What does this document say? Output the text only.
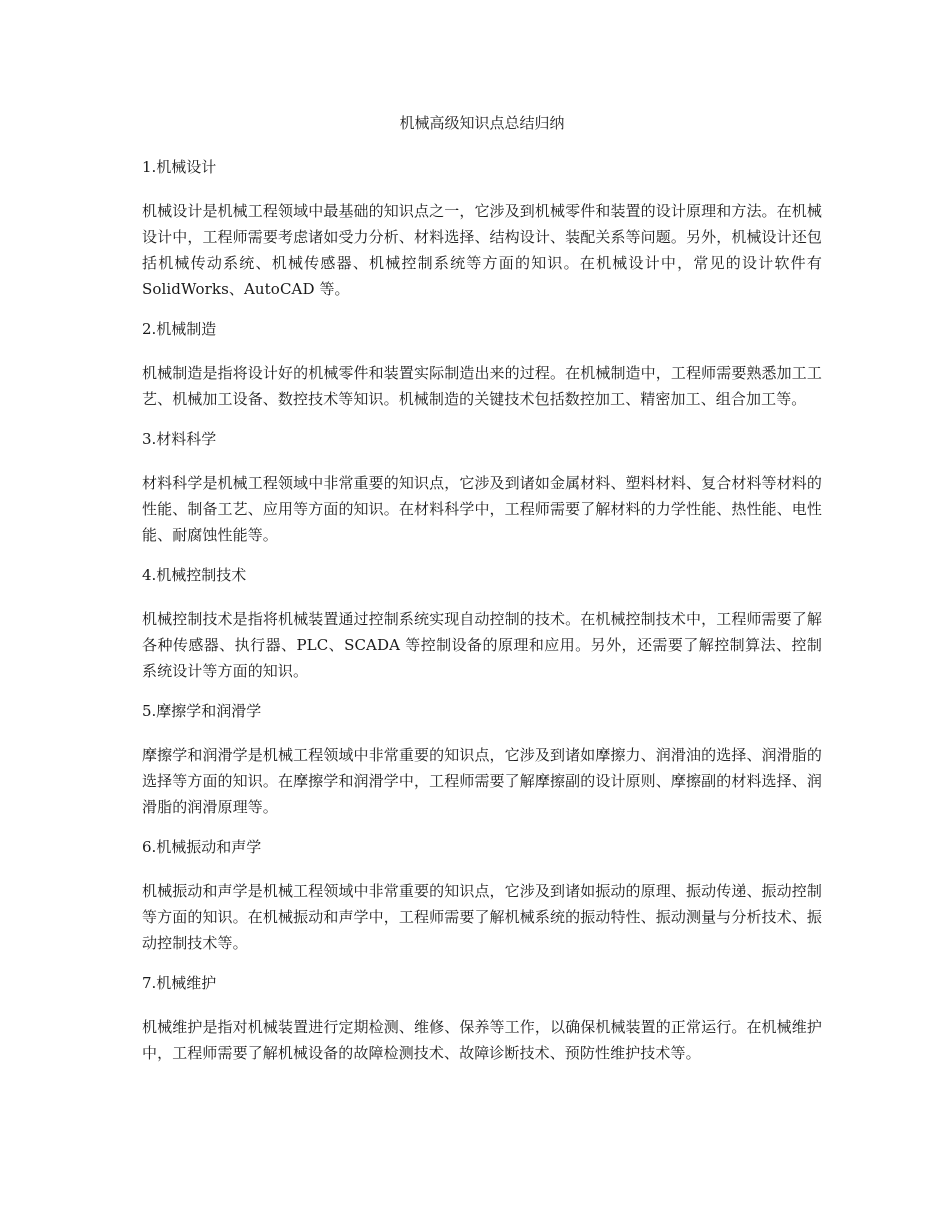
机械高级知识点总结归纳

1.机械设计

机械设计是机械工程领域中最基础的知识点之一，它涉及到机械零件和装置的设计原理和方法。在机械设计中，工程师需要考虑诸如受力分析、材料选择、结构设计、装配关系等问题。另外，机械设计还包括机械传动系统、机械传感器、机械控制系统等方面的知识。在机械设计中，常见的设计软件有 SolidWorks、AutoCAD 等。

2.机械制造

机械制造是指将设计好的机械零件和装置实际制造出来的过程。在机械制造中，工程师需要熟悉加工工艺、机械加工设备、数控技术等知识。机械制造的关键技术包括数控加工、精密加工、组合加工等。

3.材料科学

材料科学是机械工程领域中非常重要的知识点，它涉及到诸如金属材料、塑料材料、复合材料等材料的性能、制备工艺、应用等方面的知识。在材料科学中，工程师需要了解材料的力学性能、热性能、电性能、耐腐蚀性能等。

4.机械控制技术

机械控制技术是指将机械装置通过控制系统实现自动控制的技术。在机械控制技术中，工程师需要了解各种传感器、执行器、PLC、SCADA 等控制设备的原理和应用。另外，还需要了解控制算法、控制系统设计等方面的知识。

5.摩擦学和润滑学

摩擦学和润滑学是机械工程领域中非常重要的知识点，它涉及到诸如摩擦力、润滑油的选择、润滑脂的选择等方面的知识。在摩擦学和润滑学中，工程师需要了解摩擦副的设计原则、摩擦副的材料选择、润滑脂的润滑原理等。

6.机械振动和声学

机械振动和声学是机械工程领域中非常重要的知识点，它涉及到诸如振动的原理、振动传递、振动控制等方面的知识。在机械振动和声学中，工程师需要了解机械系统的振动特性、振动测量与分析技术、振动控制技术等。

7.机械维护

机械维护是指对机械装置进行定期检测、维修、保养等工作，以确保机械装置的正常运行。在机械维护中，工程师需要了解机械设备的故障检测技术、故障诊断技术、预防性维护技术等。
